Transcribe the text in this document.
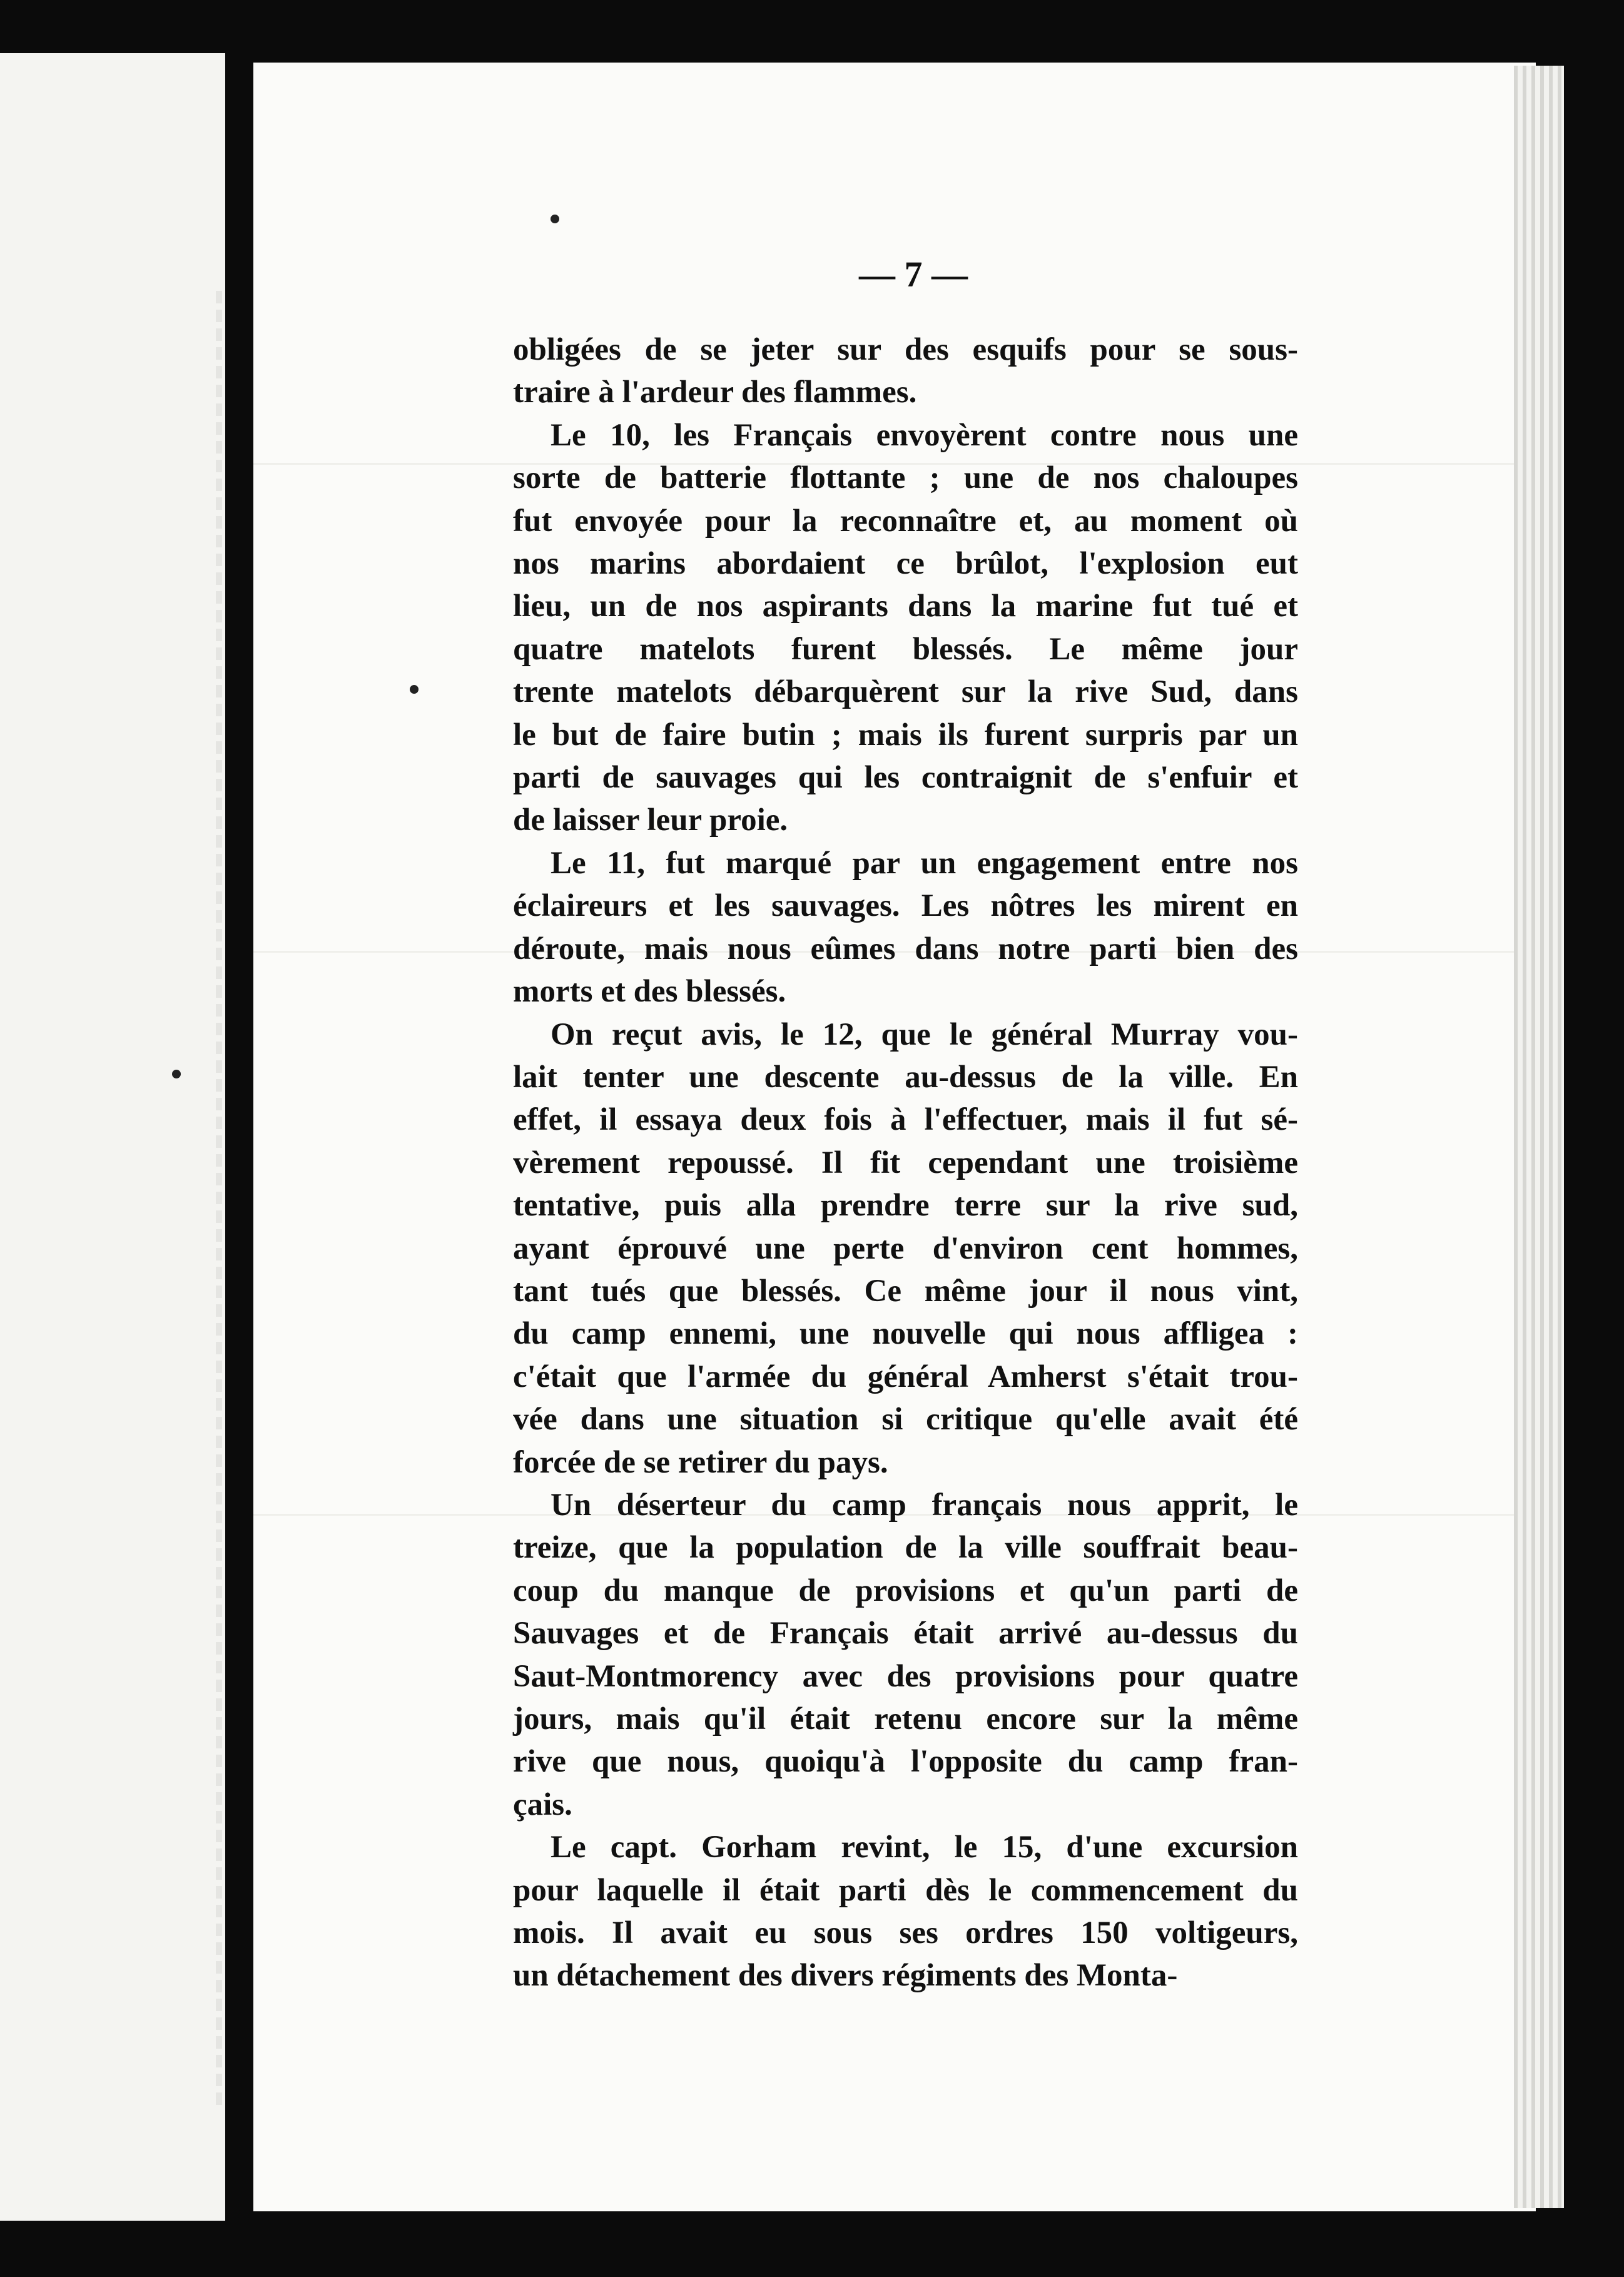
— 7 —
obligées de se jeter sur des esquifs pour se sous-
traire à l'ardeur des flammes.
Le 10, les Français envoyèrent contre nous une
sorte de batterie flottante ; une de nos chaloupes
fut envoyée pour la reconnaître et, au moment où
nos marins abordaient ce brûlot, l'explosion eut
lieu, un de nos aspirants dans la marine fut tué et
quatre matelots furent blessés. Le même jour
trente matelots débarquèrent sur la rive Sud, dans
le but de faire butin ; mais ils furent surpris par un
parti de sauvages qui les contraignit de s'enfuir et
de laisser leur proie.
Le 11, fut marqué par un engagement entre nos
éclaireurs et les sauvages. Les nôtres les mirent en
déroute, mais nous eûmes dans notre parti bien des
morts et des blessés.
On reçut avis, le 12, que le général Murray vou-
lait tenter une descente au-dessus de la ville. En
effet, il essaya deux fois à l'effectuer, mais il fut sé-
vèrement repoussé. Il fit cependant une troisième
tentative, puis alla prendre terre sur la rive sud,
ayant éprouvé une perte d'environ cent hommes,
tant tués que blessés. Ce même jour il nous vint,
du camp ennemi, une nouvelle qui nous affligea :
c'était que l'armée du général Amherst s'était trou-
vée dans une situation si critique qu'elle avait été
forcée de se retirer du pays.
Un déserteur du camp français nous apprit, le
treize, que la population de la ville souffrait beau-
coup du manque de provisions et qu'un parti de
Sauvages et de Français était arrivé au-dessus du
Saut-Montmorency avec des provisions pour quatre
jours, mais qu'il était retenu encore sur la même
rive que nous, quoiqu'à l'opposite du camp fran-
çais.
Le capt. Gorham revint, le 15, d'une excursion
pour laquelle il était parti dès le commencement du
mois. Il avait eu sous ses ordres 150 voltigeurs,
un détachement des divers régiments des Monta-
